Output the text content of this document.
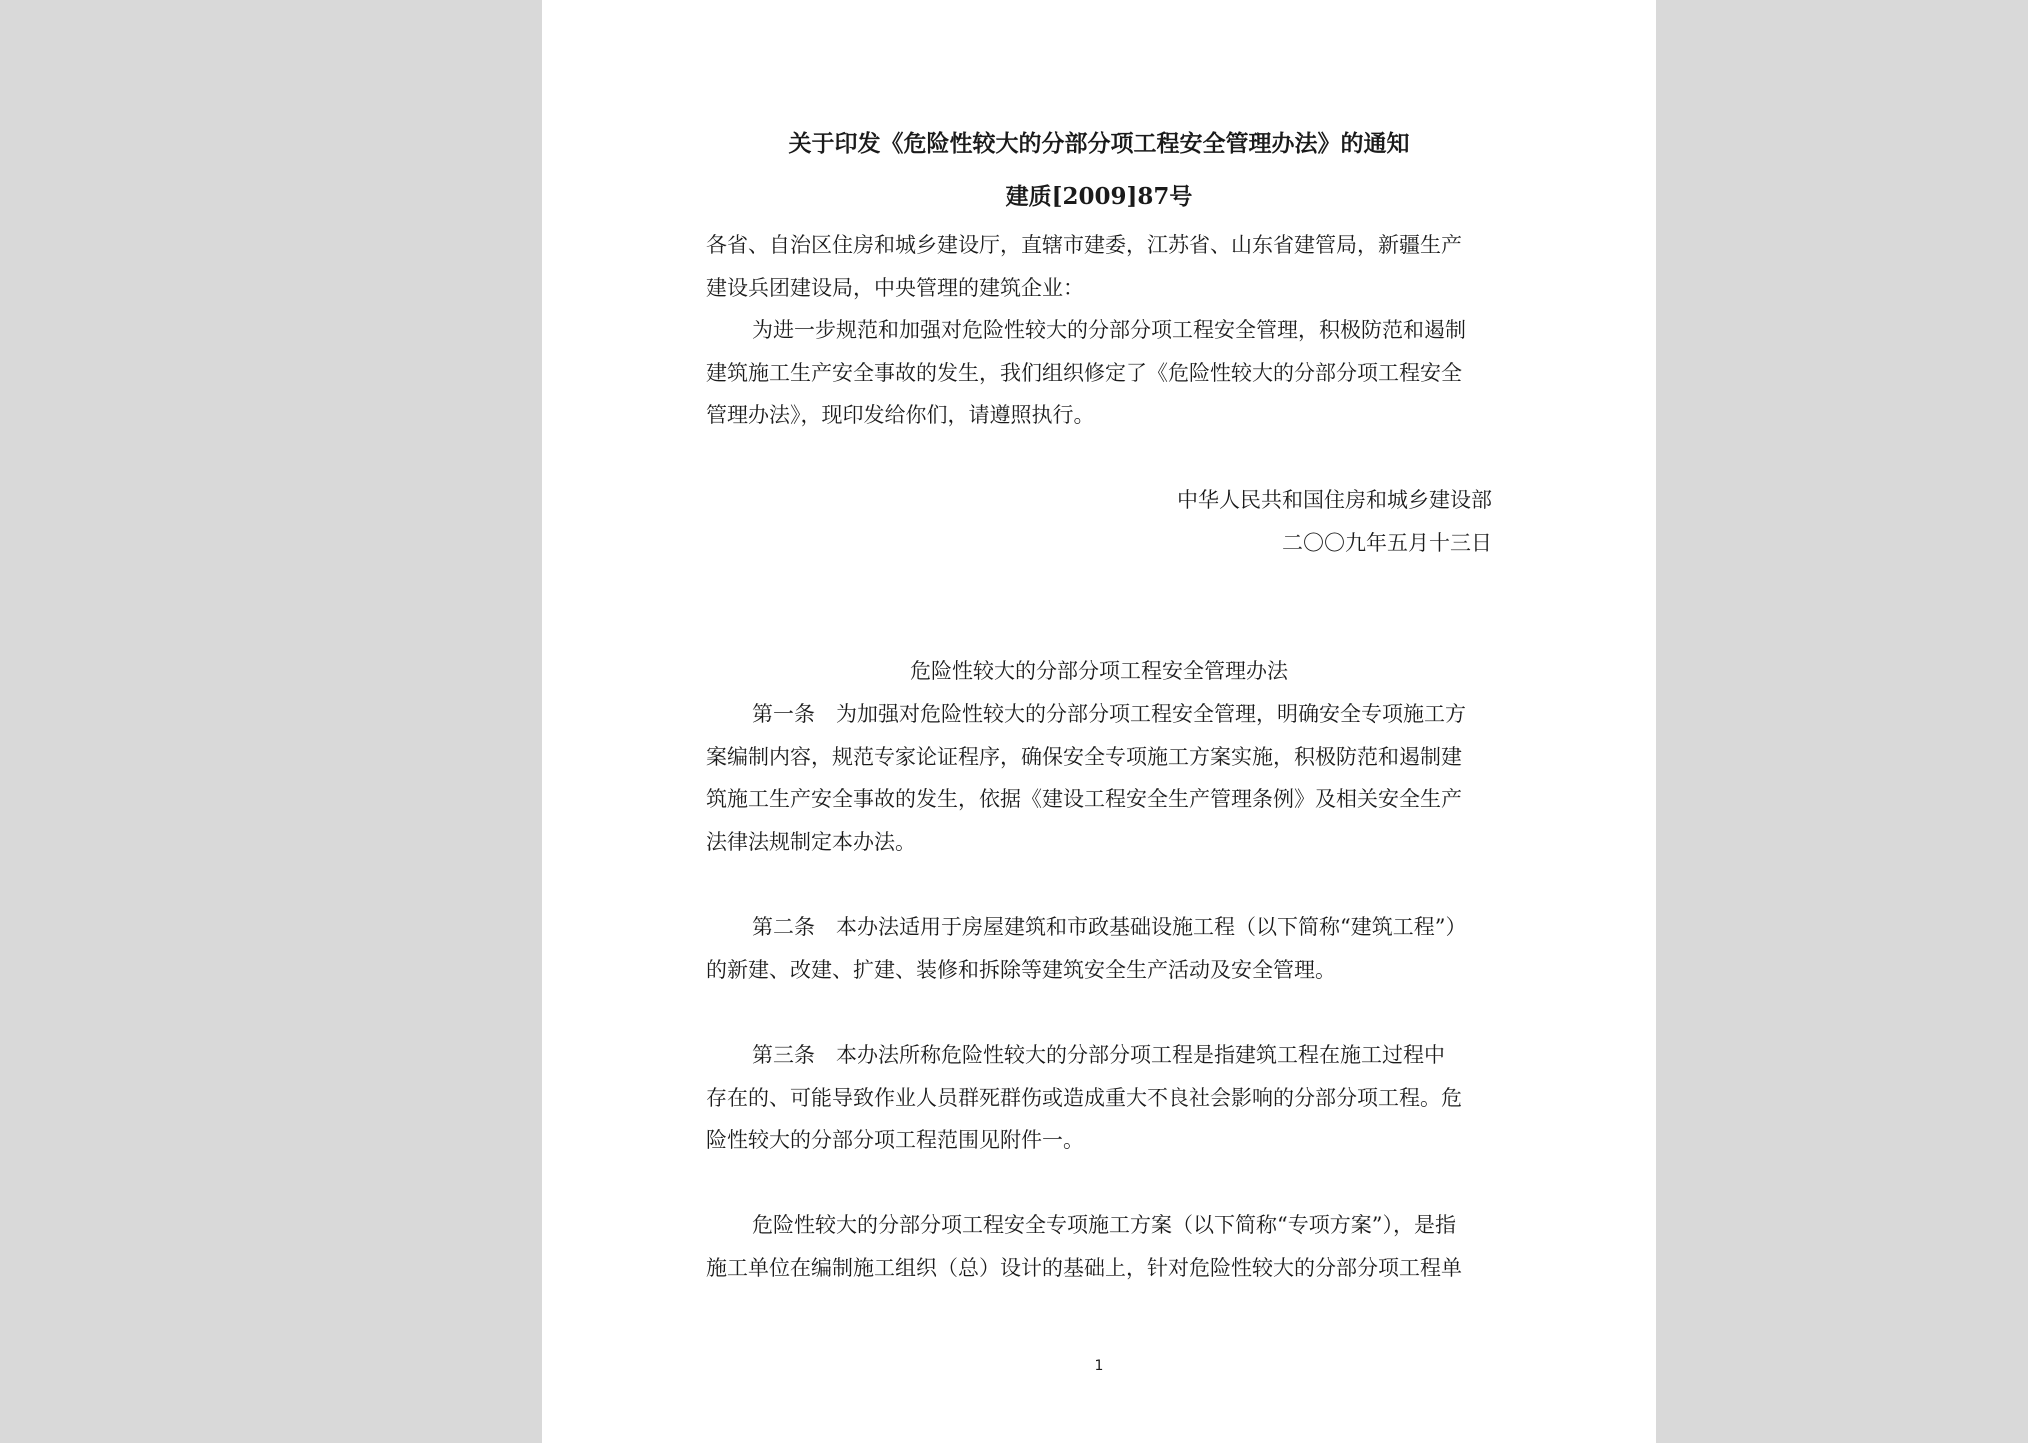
关于印发《危险性较大的分部分项工程安全管理办法》的通知
建质[2009]87号
各省、自治区住房和城乡建设厅，直辖市建委，江苏省、山东省建管局，新疆生产
建设兵团建设局，中央管理的建筑企业：
为进一步规范和加强对危险性较大的分部分项工程安全管理，积极防范和遏制
建筑施工生产安全事故的发生，我们组织修定了《危险性较大的分部分项工程安全
管理办法》，现印发给你们，请遵照执行。
中华人民共和国住房和城乡建设部
二〇〇九年五月十三日
危险性较大的分部分项工程安全管理办法
第一条　为加强对危险性较大的分部分项工程安全管理，明确安全专项施工方
案编制内容，规范专家论证程序，确保安全专项施工方案实施，积极防范和遏制建
筑施工生产安全事故的发生，依据《建设工程安全生产管理条例》及相关安全生产
法律法规制定本办法。
第二条　本办法适用于房屋建筑和市政基础设施工程（以下简称“建筑工程”）
的新建、改建、扩建、装修和拆除等建筑安全生产活动及安全管理。
第三条　本办法所称危险性较大的分部分项工程是指建筑工程在施工过程中
存在的、可能导致作业人员群死群伤或造成重大不良社会影响的分部分项工程。危
险性较大的分部分项工程范围见附件一。
危险性较大的分部分项工程安全专项施工方案（以下简称“专项方案”），是指
施工单位在编制施工组织（总）设计的基础上，针对危险性较大的分部分项工程单
1
